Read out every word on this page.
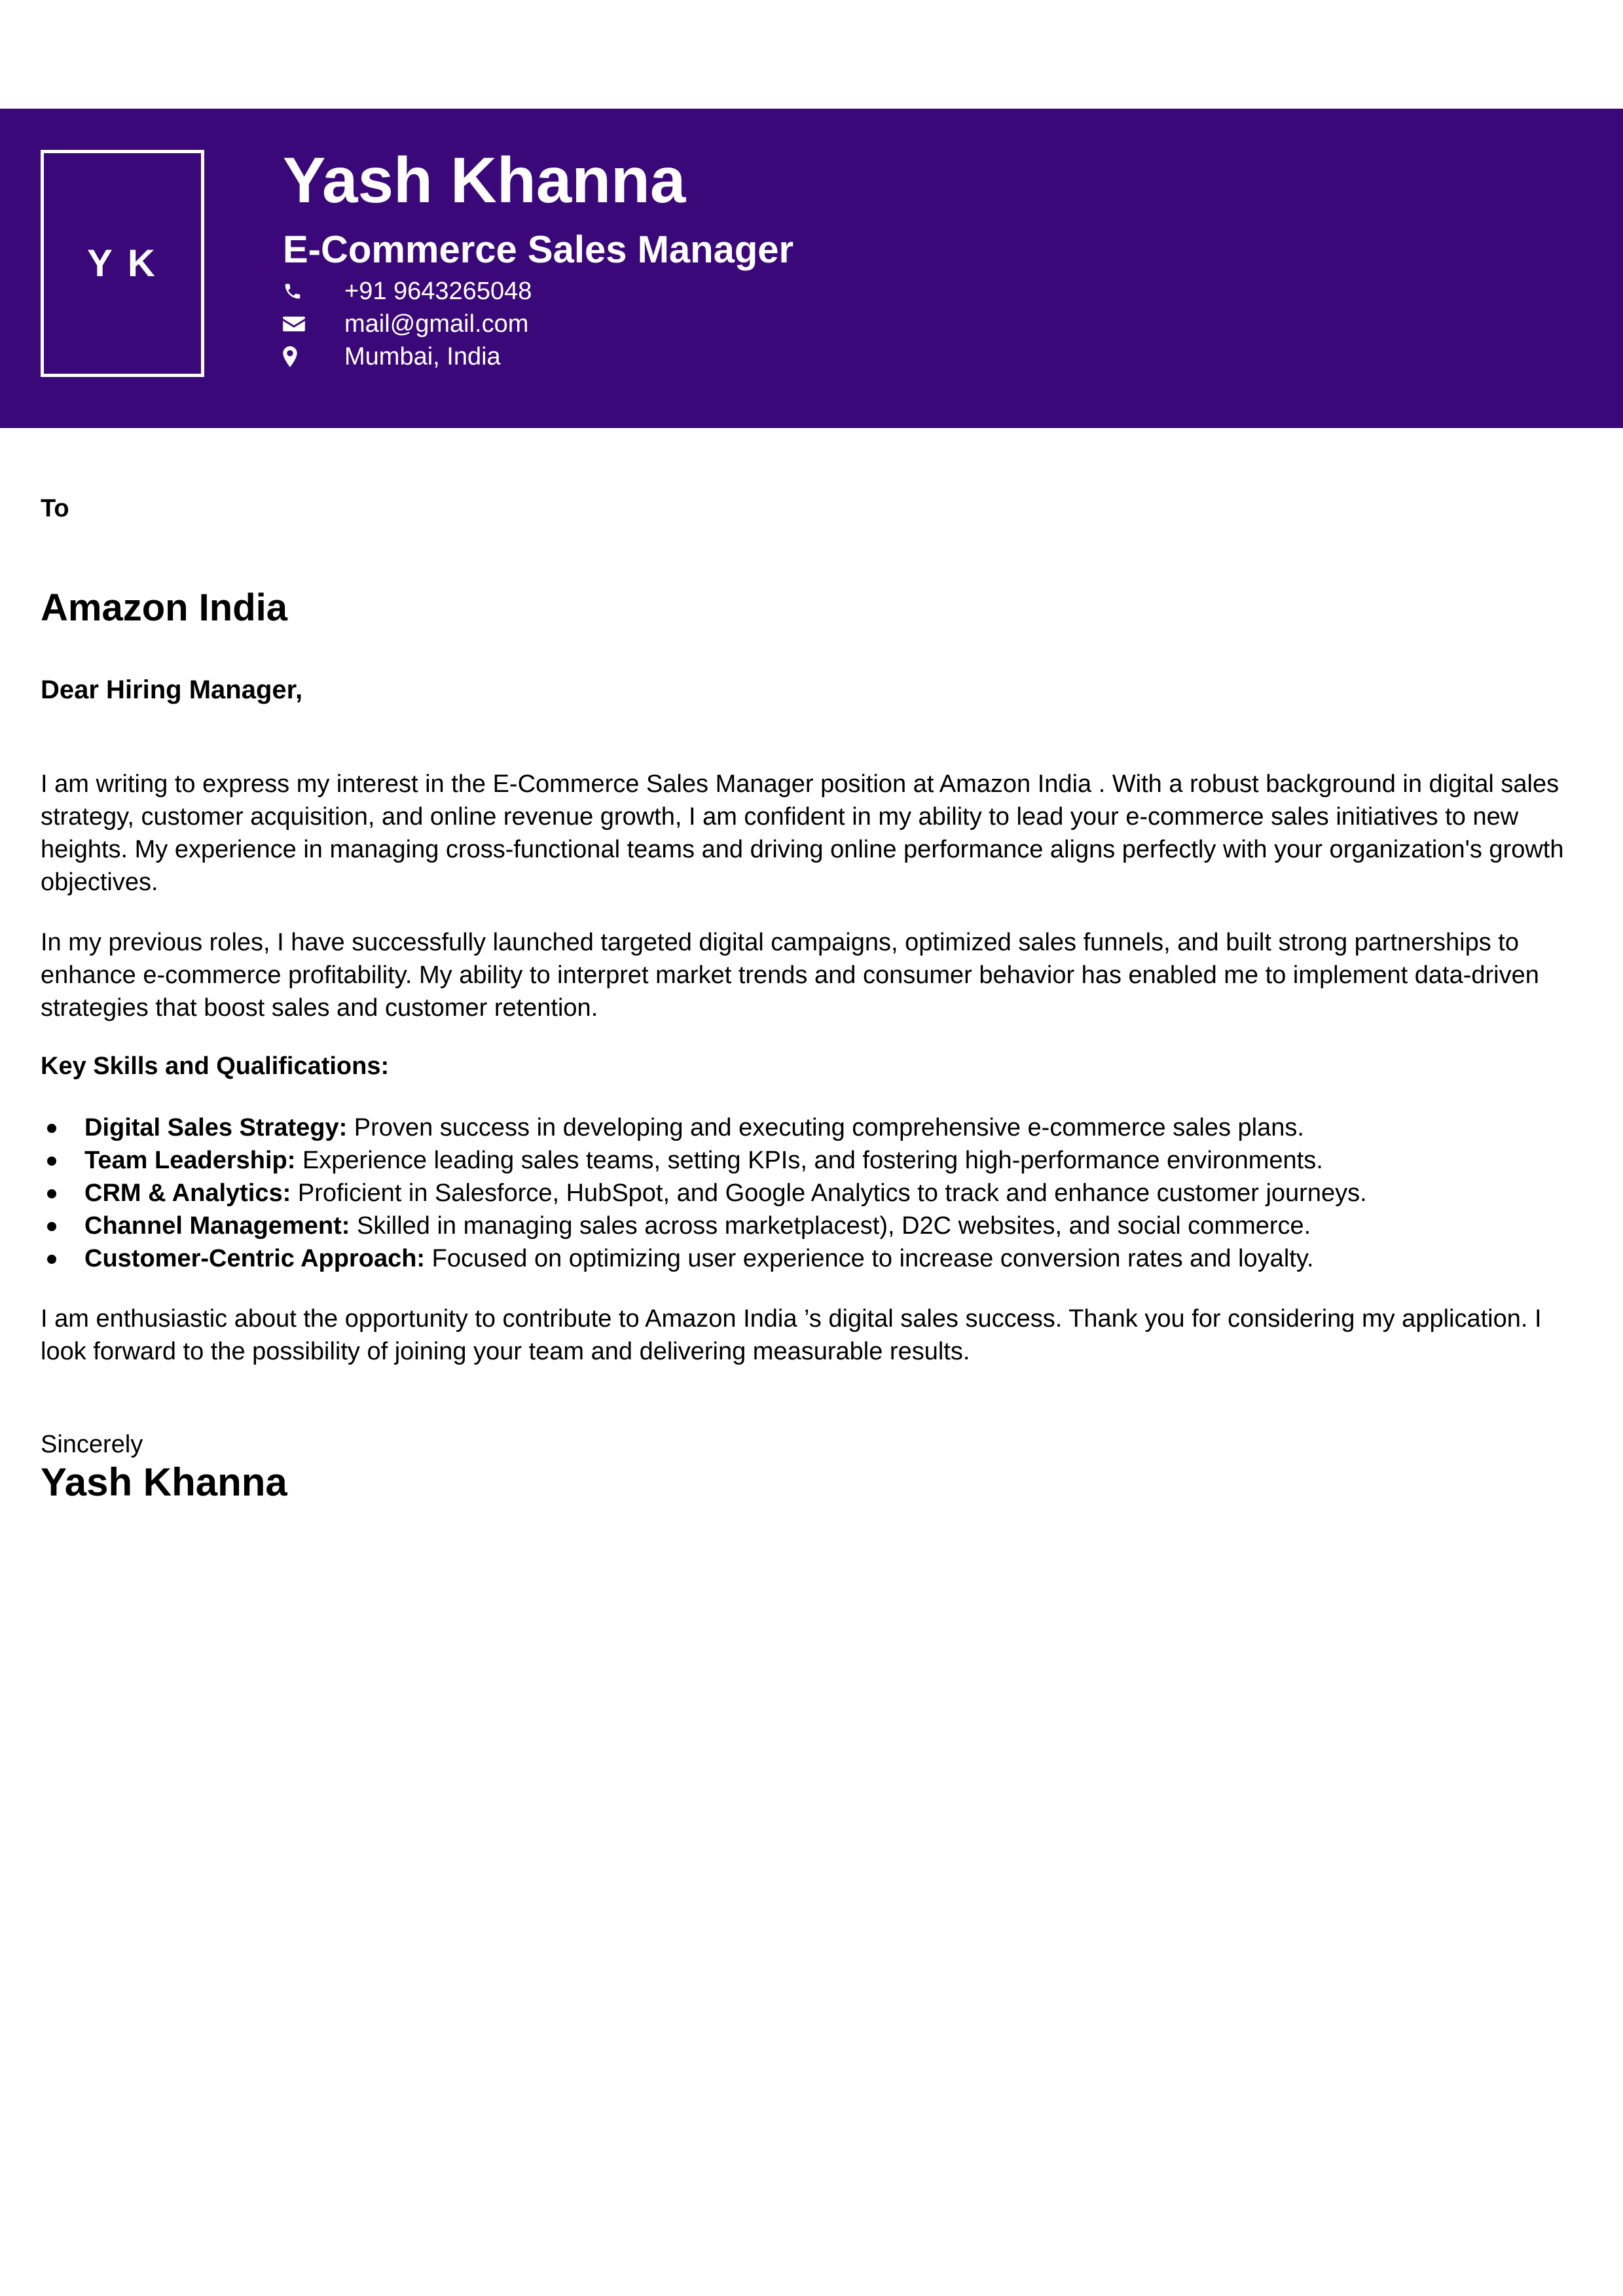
Y K
Yash Khanna
E-Commerce Sales Manager
+91 9643265048
mail@gmail.com
Mumbai, India
To
Amazon India
Dear Hiring Manager,

I am writing to express my interest in the E-Commerce Sales Manager position at Amazon India . With a robust background in digital sales strategy, customer acquisition, and online revenue growth, I am confident in my ability to lead your e-commerce sales initiatives to new heights. My experience in managing cross-functional teams and driving online performance aligns perfectly with your organization's growth objectives.

In my previous roles, I have successfully launched targeted digital campaigns, optimized sales funnels, and built strong partnerships to enhance e-commerce profitability. My ability to interpret market trends and consumer behavior has enabled me to implement data-driven strategies that boost sales and customer retention.

Key Skills and Qualifications:
Digital Sales Strategy: Proven success in developing and executing comprehensive e-commerce sales plans.
Team Leadership: Experience leading sales teams, setting KPIs, and fostering high-performance environments.
CRM & Analytics: Proficient in Salesforce, HubSpot, and Google Analytics to track and enhance customer journeys.
Channel Management: Skilled in managing sales across marketplacest), D2C websites, and social commerce.
Customer-Centric Approach: Focused on optimizing user experience to increase conversion rates and loyalty.

I am enthusiastic about the opportunity to contribute to Amazon India ’s digital sales success. Thank you for considering my application. I look forward to the possibility of joining your team and delivering measurable results.

Sincerely
Yash Khanna
